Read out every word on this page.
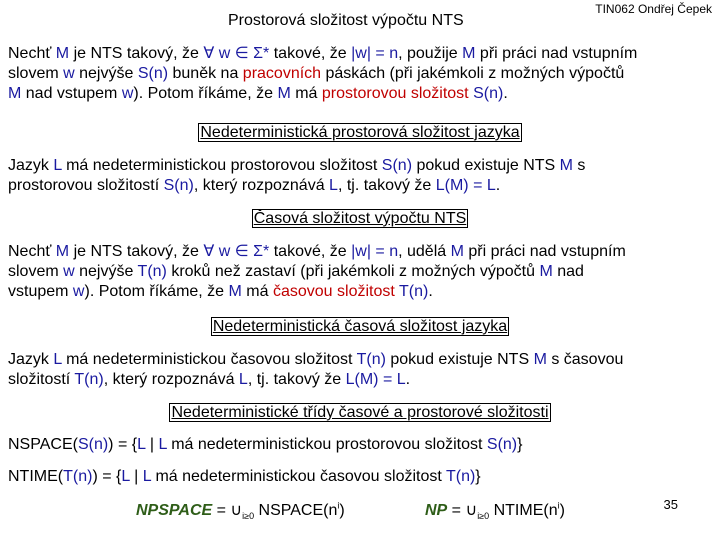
Prostorová složitost výpočtu NTS
TIN062 Ondřej Čepek
Nechť M je NTS takový, že ∀ w ∈ Σ* takové, že |w| = n, použije M při práci nad vstupním
slovem w nejvýše S(n) buněk na pracovních páskách (při jakémkoli z možných výpočtů
M nad vstupem w). Potom říkáme, že M má prostorovou složitost S(n).
Nedeterministická prostorová složitost jazyka
Jazyk L má nedeterministickou prostorovou složitost S(n) pokud existuje NTS M s
prostorovou složitostí S(n), který rozpoznává L, tj. takový že L(M) = L.
Časová složitost výpočtu NTS
Nechť M je NTS takový, že ∀ w ∈ Σ* takové, že |w| = n, udělá M při práci nad vstupním
slovem w nejvýše T(n) kroků než zastaví (při jakémkoli z možných výpočtů M nad
vstupem w). Potom říkáme, že M má časovou složitost T(n).
Nedeterministická časová složitost jazyka
Jazyk L má nedeterministickou časovou složitost T(n) pokud existuje NTS M s časovou
složitostí T(n), který rozpoznává L, tj. takový že L(M) = L.
Nedeterministické třídy časové a prostorové složitosti
NSPACE(S(n)) = {L | L má nedeterministickou prostorovou složitost S(n)}
NTIME(T(n)) = {L | L má nedeterministickou časovou složitost T(n)}
NPSPACE = $\cup_{i\ge 0}$ $NSPACE(n^i)$	NP = $\cup_{i\ge 0}$ $NTIME(n^i)$	35
